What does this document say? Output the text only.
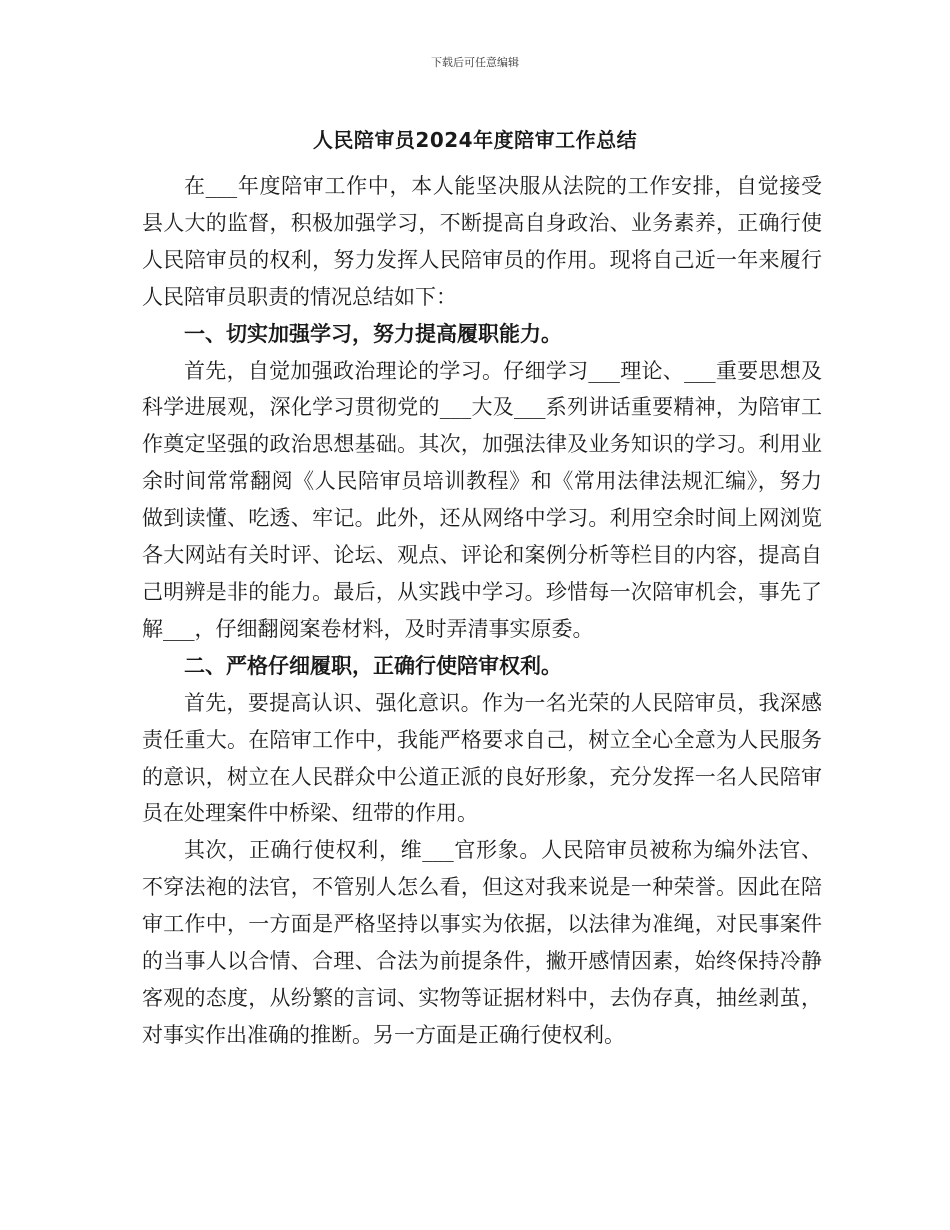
下载后可任意编辑
人民陪审员2024年度陪审工作总结

在___年度陪审工作中，本人能坚决服从法院的工作安排，自觉接受县人大的监督，积极加强学习，不断提高自身政治、业务素养，正确行使人民陪审员的权利，努力发挥人民陪审员的作用。现将自己近一年来履行人民陪审员职责的情况总结如下：

一、切实加强学习，努力提高履职能力。

首先，自觉加强政治理论的学习。仔细学习___理论、___重要思想及科学进展观，深化学习贯彻党的___大及___系列讲话重要精神，为陪审工作奠定坚强的政治思想基础。其次，加强法律及业务知识的学习。利用业余时间常常翻阅《人民陪审员培训教程》和《常用法律法规汇编》，努力做到读懂、吃透、牢记。此外，还从网络中学习。利用空余时间上网浏览各大网站有关时评、论坛、观点、评论和案例分析等栏目的内容，提高自己明辨是非的能力。最后，从实践中学习。珍惜每一次陪审机会，事先了解___，仔细翻阅案卷材料，及时弄清事实原委。

二、严格仔细履职，正确行使陪审权利。

首先，要提高认识、强化意识。作为一名光荣的人民陪审员，我深感责任重大。在陪审工作中，我能严格要求自己，树立全心全意为人民服务的意识，树立在人民群众中公道正派的良好形象，充分发挥一名人民陪审员在处理案件中桥梁、纽带的作用。

其次，正确行使权利，维___官形象。人民陪审员被称为编外法官、不穿法袍的法官，不管别人怎么看，但这对我来说是一种荣誉。因此在陪审工作中，一方面是严格坚持以事实为依据，以法律为准绳，对民事案件的当事人以合情、合理、合法为前提条件，撇开感情因素，始终保持冷静客观的态度，从纷繁的言词、实物等证据材料中，去伪存真，抽丝剥茧，对事实作出准确的推断。另一方面是正确行使权利。
